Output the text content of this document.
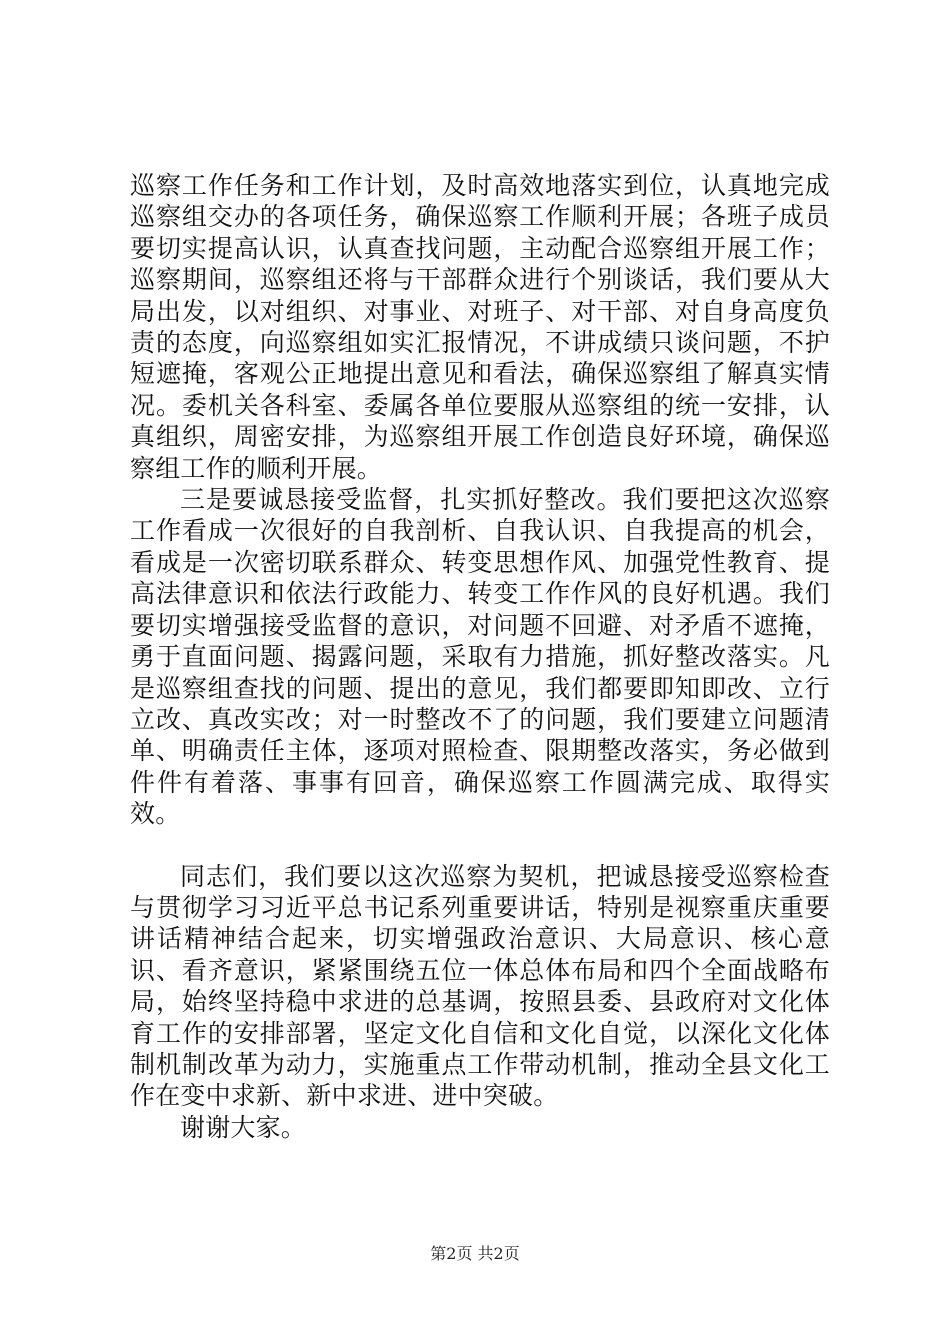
巡察工作任务和工作计划，及时高效地落实到位，认真地完成巡察组交办的各项任务，确保巡察工作顺利开展；各班子成员要切实提高认识，认真查找问题，主动配合巡察组开展工作；巡察期间，巡察组还将与干部群众进行个别谈话，我们要从大局出发，以对组织、对事业、对班子、对干部、对自身高度负责的态度，向巡察组如实汇报情况，不讲成绩只谈问题，不护短遮掩，客观公正地提出意见和看法，确保巡察组了解真实情况。委机关各科室、委属各单位要服从巡察组的统一安排，认真组织，周密安排，为巡察组开展工作创造良好环境，确保巡察组工作的顺利开展。

三是要诚恳接受监督，扎实抓好整改。我们要把这次巡察工作看成一次很好的自我剖析、自我认识、自我提高的机会，看成是一次密切联系群众、转变思想作风、加强党性教育、提高法律意识和依法行政能力、转变工作作风的良好机遇。我们要切实增强接受监督的意识，对问题不回避、对矛盾不遮掩，勇于直面问题、揭露问题，采取有力措施，抓好整改落实。凡是巡察组查找的问题、提出的意见，我们都要即知即改、立行立改、真改实改；对一时整改不了的问题，我们要建立问题清单、明确责任主体，逐项对照检查、限期整改落实，务必做到件件有着落、事事有回音，确保巡察工作圆满完成、取得实效。

同志们，我们要以这次巡察为契机，把诚恳接受巡察检查与贯彻学习习近平总书记系列重要讲话，特别是视察重庆重要讲话精神结合起来，切实增强政治意识、大局意识、核心意识、看齐意识，紧紧围绕五位一体总体布局和四个全面战略布局，始终坚持稳中求进的总基调，按照县委、县政府对文化体育工作的安排部署，坚定文化自信和文化自觉，以深化文化体制机制改革为动力，实施重点工作带动机制，推动全县文化工作在变中求新、新中求进、进中突破。

谢谢大家。

第2页 共2页
